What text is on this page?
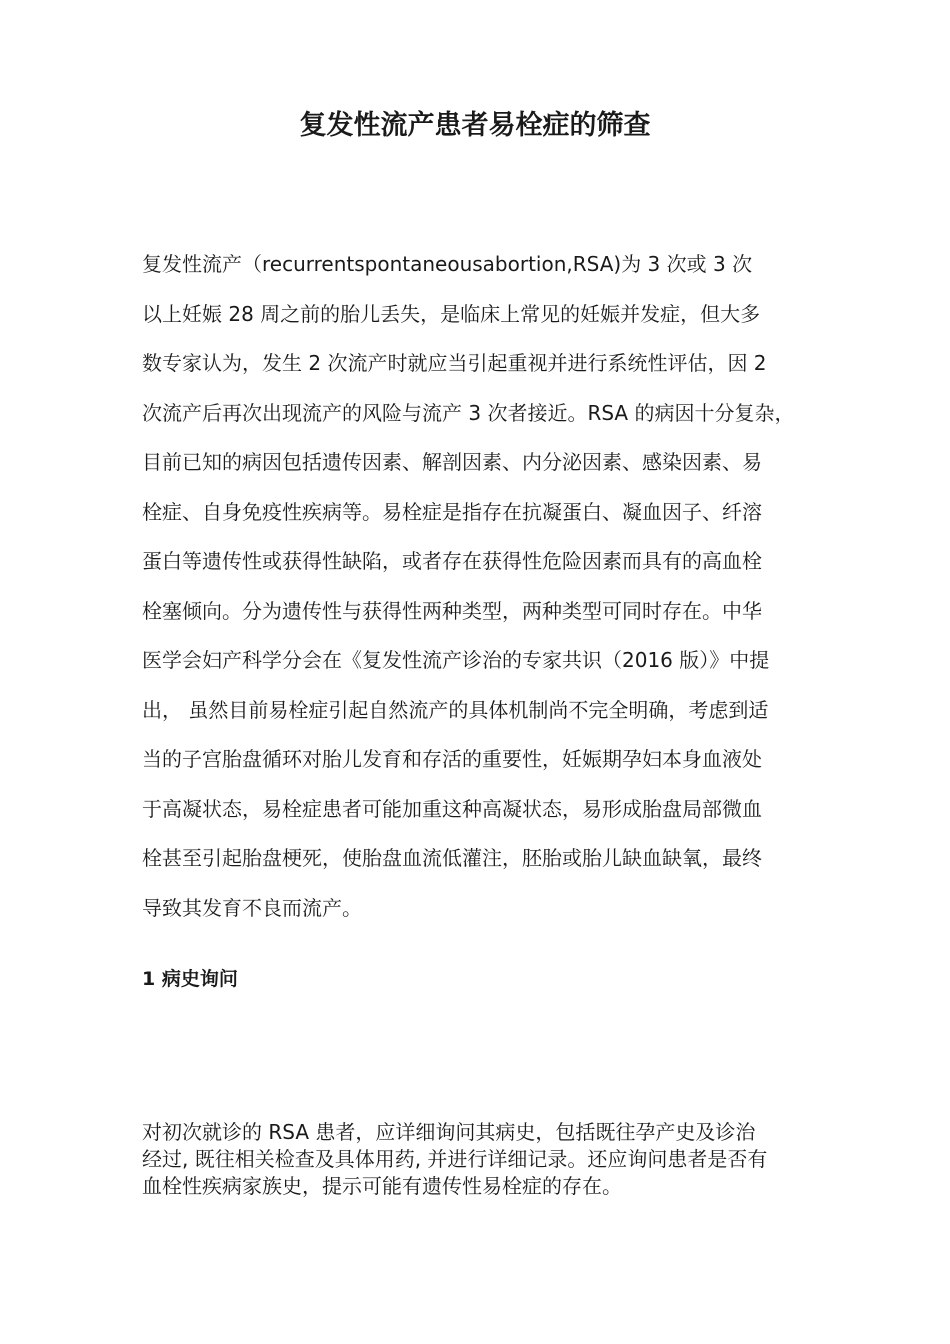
复发性流产患者易栓症的筛查
复发性流产（recurrentspontaneousabortion,RSA)为 3 次或 3 次
以上妊娠 28 周之前的胎儿丢失，是临床上常见的妊娠并发症，但大多
数专家认为，发生 2 次流产时就应当引起重视并进行系统性评估，因 2
次流产后再次出现流产的风险与流产 3 次者接近。RSA 的病因十分复杂，
目前已知的病因包括遗传因素、解剖因素、内分泌因素、感染因素、易
栓症、自身免疫性疾病等。易栓症是指存在抗凝蛋白、凝血因子、纤溶
蛋白等遗传性或获得性缺陷，或者存在获得性危险因素而具有的高血栓
栓塞倾向。分为遗传性与获得性两种类型，两种类型可同时存在。中华
医学会妇产科学分会在《复发性流产诊治的专家共识（2016 版）》中提
出， 虽然目前易栓症引起自然流产的具体机制尚不完全明确，考虑到适
当的子宫胎盘循环对胎儿发育和存活的重要性，妊娠期孕妇本身血液处
于高凝状态，易栓症患者可能加重这种高凝状态，易形成胎盘局部微血
栓甚至引起胎盘梗死，使胎盘血流低灌注，胚胎或胎儿缺血缺氧，最终
导致其发育不良而流产。
1 病史询问
对初次就诊的 RSA 患者，应详细询问其病史，包括既往孕产史及诊治
经过, 既往相关检查及具体用药, 并进行详细记录。还应询问患者是否有
血栓性疾病家族史，提示可能有遗传性易栓症的存在。
